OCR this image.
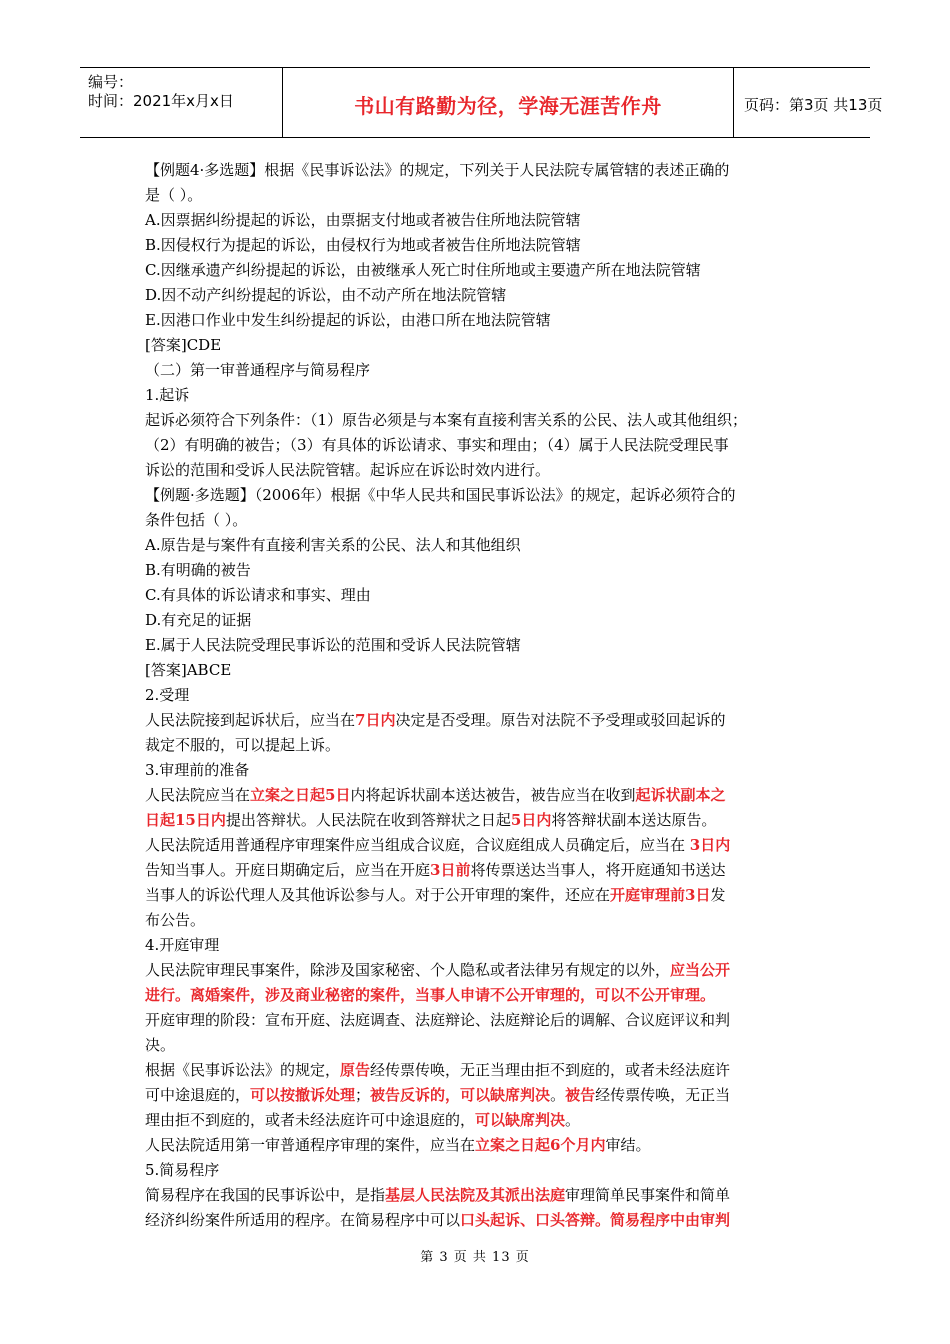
编号：
时间：2021年x月x日	书山有路勤为径，学海无涯苦作舟	页码：第3页 共13页

【例题4·多选题】根据《民事诉讼法》的规定，下列关于人民法院专属管辖的表述正确的

是（ ）。

A.因票据纠纷提起的诉讼，由票据支付地或者被告住所地法院管辖

B.因侵权行为提起的诉讼，由侵权行为地或者被告住所地法院管辖

C.因继承遗产纠纷提起的诉讼，由被继承人死亡时住所地或主要遗产所在地法院管辖

D.因不动产纠纷提起的诉讼，由不动产所在地法院管辖

E.因港口作业中发生纠纷提起的诉讼，由港口所在地法院管辖

[答案]CDE

（二）第一审普通程序与简易程序

1.起诉

起诉必须符合下列条件：（1）原告必须是与本案有直接利害关系的公民、法人或其他组织；

（2）有明确的被告；（3）有具体的诉讼请求、事实和理由；（4）属于人民法院受理民事

诉讼的范围和受诉人民法院管辖。起诉应在诉讼时效内进行。

【例题·多选题】（2006年）根据《中华人民共和国民事诉讼法》的规定，起诉必须符合的

条件包括（ ）。

A.原告是与案件有直接利害关系的公民、法人和其他组织

B.有明确的被告

C.有具体的诉讼请求和事实、理由

D.有充足的证据

E.属于人民法院受理民事诉讼的范围和受诉人民法院管辖

[答案]ABCE

2.受理

人民法院接到起诉状后，应当在7日内决定是否受理。原告对法院不予受理或驳回起诉的

裁定不服的，可以提起上诉。

3.审理前的准备

人民法院应当在立案之日起5日内将起诉状副本送达被告，被告应当在收到起诉状副本之

日起15日内提出答辩状。人民法院在收到答辩状之日起5日内将答辩状副本送达原告。

人民法院适用普通程序审理案件应当组成合议庭，合议庭组成人员确定后，应当在 3日内

告知当事人。开庭日期确定后，应当在开庭3日前将传票送达当事人，将开庭通知书送达

当事人的诉讼代理人及其他诉讼参与人。对于公开审理的案件，还应在开庭审理前3日发

布公告。

4.开庭审理

人民法院审理民事案件，除涉及国家秘密、个人隐私或者法律另有规定的以外，应当公开

进行。离婚案件，涉及商业秘密的案件，当事人申请不公开审理的，可以不公开审理。

开庭审理的阶段：宣布开庭、法庭调查、法庭辩论、法庭辩论后的调解、合议庭评议和判

决。

根据《民事诉讼法》的规定，原告经传票传唤，无正当理由拒不到庭的，或者未经法庭许

可中途退庭的，可以按撤诉处理；被告反诉的，可以缺席判决。被告经传票传唤，无正当

理由拒不到庭的，或者未经法庭许可中途退庭的，可以缺席判决。

人民法院适用第一审普通程序审理的案件，应当在立案之日起6个月内审结。

5.简易程序

简易程序在我国的民事诉讼中，是指基层人民法院及其派出法庭审理简单民事案件和简单

经济纠纷案件所适用的程序。在简易程序中可以口头起诉、口头答辩。简易程序中由审判

第 3 页 共 13 页
